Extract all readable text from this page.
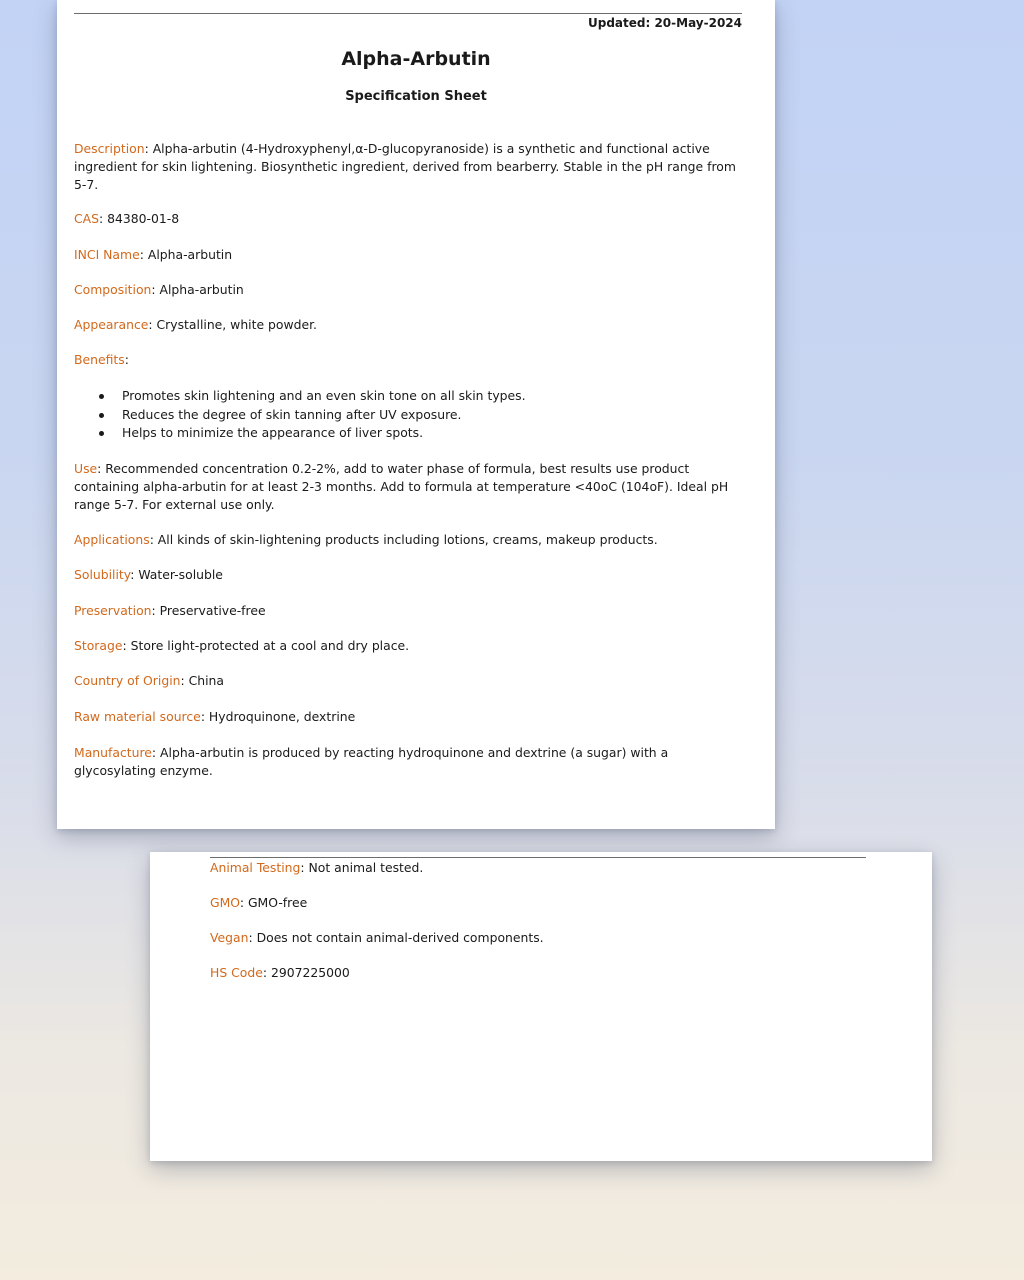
Updated: 20-May-2024
Alpha-Arbutin
Specification Sheet

Description: Alpha-arbutin (4-Hydroxyphenyl,α-D-glucopyranoside) is a synthetic and functional active ingredient for skin lightening. Biosynthetic ingredient, derived from bearberry. Stable in the pH range from 5-7.

CAS: 84380-01-8

INCI Name: Alpha-arbutin

Composition: Alpha-arbutin

Appearance: Crystalline, white powder.

Benefits:

Promotes skin lightening and an even skin tone on all skin types.
Reduces the degree of skin tanning after UV exposure.
Helps to minimize the appearance of liver spots.

Use: Recommended concentration 0.2-2%, add to water phase of formula, best results use product containing alpha-arbutin for at least 2-3 months. Add to formula at temperature <40oC (104oF). Ideal pH range 5-7. For external use only.

Applications: All kinds of skin-lightening products including lotions, creams, makeup products.

Solubility: Water-soluble

Preservation: Preservative-free

Storage: Store light-protected at a cool and dry place.

Country of Origin: China

Raw material source: Hydroquinone, dextrine

Manufacture: Alpha-arbutin is produced by reacting hydroquinone and dextrine (a sugar) with a glycosylating enzyme.

Animal Testing: Not animal tested.

GMO: GMO-free

Vegan: Does not contain animal-derived components.

HS Code: 2907225000
